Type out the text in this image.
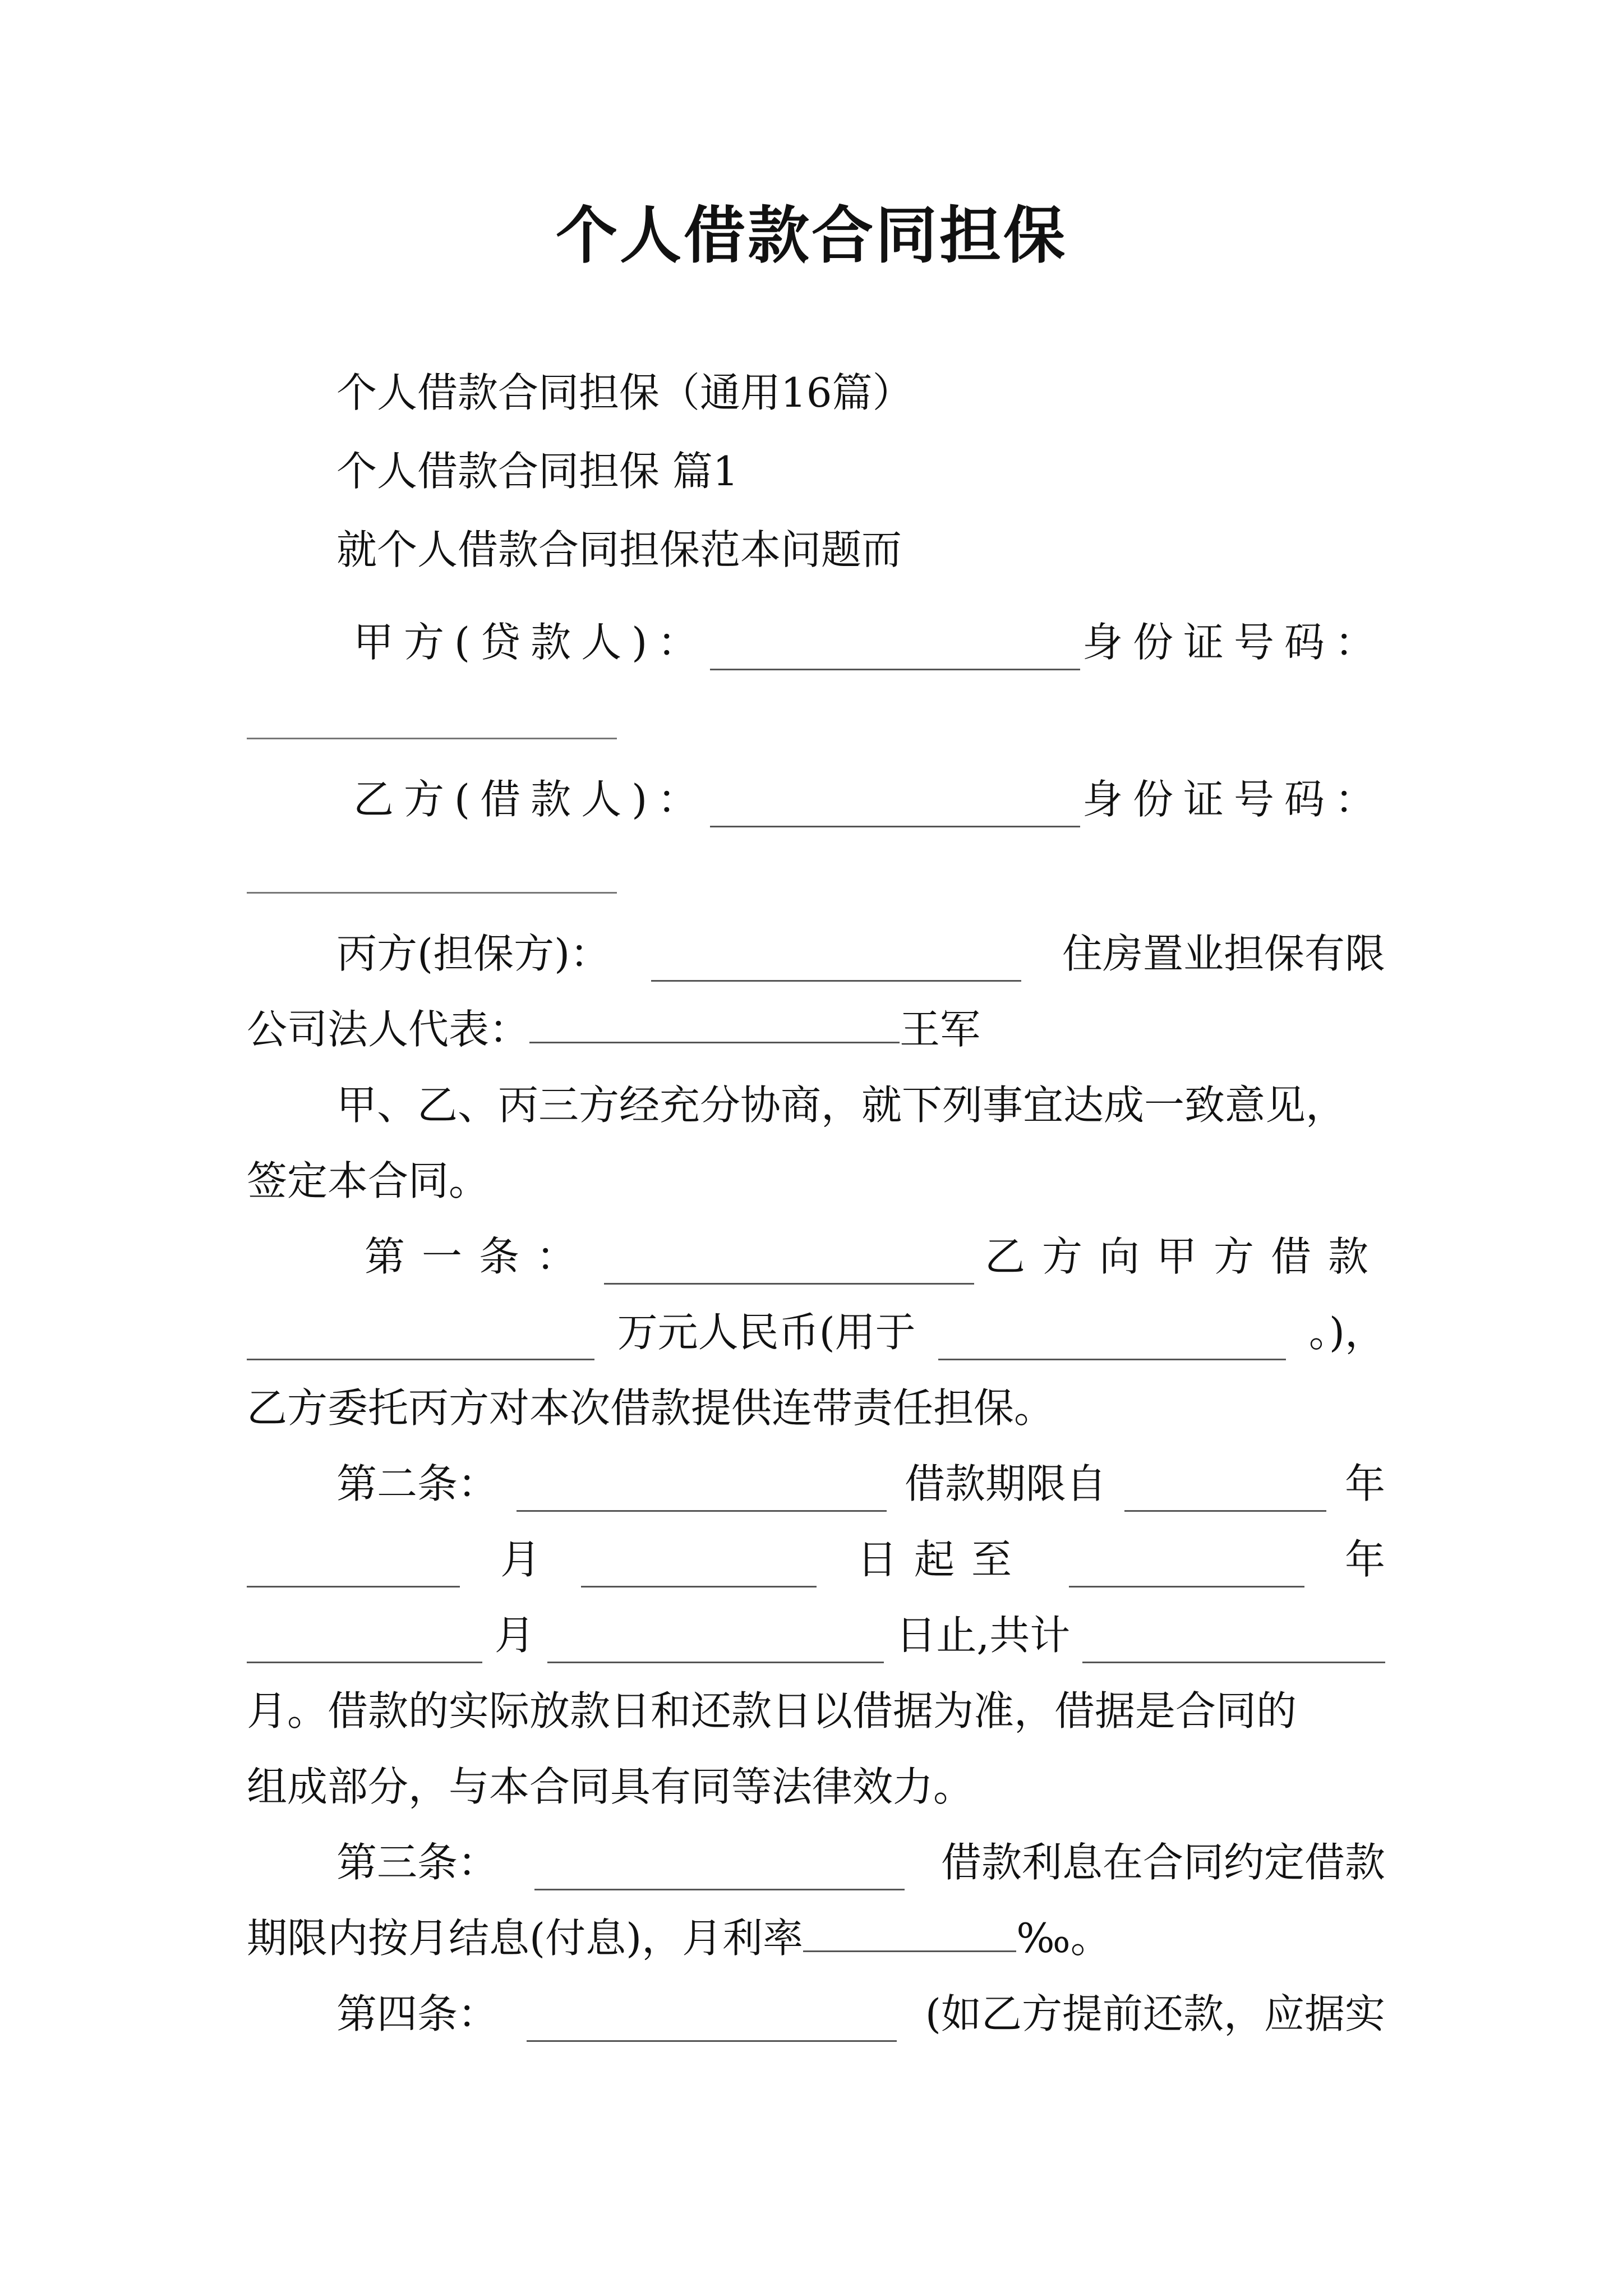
个人借款合同担保
个人借款合同担保（通用16篇）
个人借款合同担保 篇1
就个人借款合同担保范本问题而
甲方(贷款人)：	身份证号码：
乙方(借款人)：	身份证号码：
丙方(担保方)：	住房置业担保有限
公司法人代表：	王军
甲、乙、丙三方经充分协商，就下列事宜达成一致意见，
签定本合同。
第一条：	乙方向甲方借款
万元人民币(用于	。)，
乙方委托丙方对本次借款提供连带责任担保。
第二条：	借款期限自	年
月	日起至	年
月	日止,共计
月。借款的实际放款日和还款日以借据为准，借据是合同的
组成部分，与本合同具有同等法律效力。
第三条：	借款利息在合同约定借款
期限内按月结息(付息)，月利率	‰。
第四条：	(如乙方提前还款，应据实
